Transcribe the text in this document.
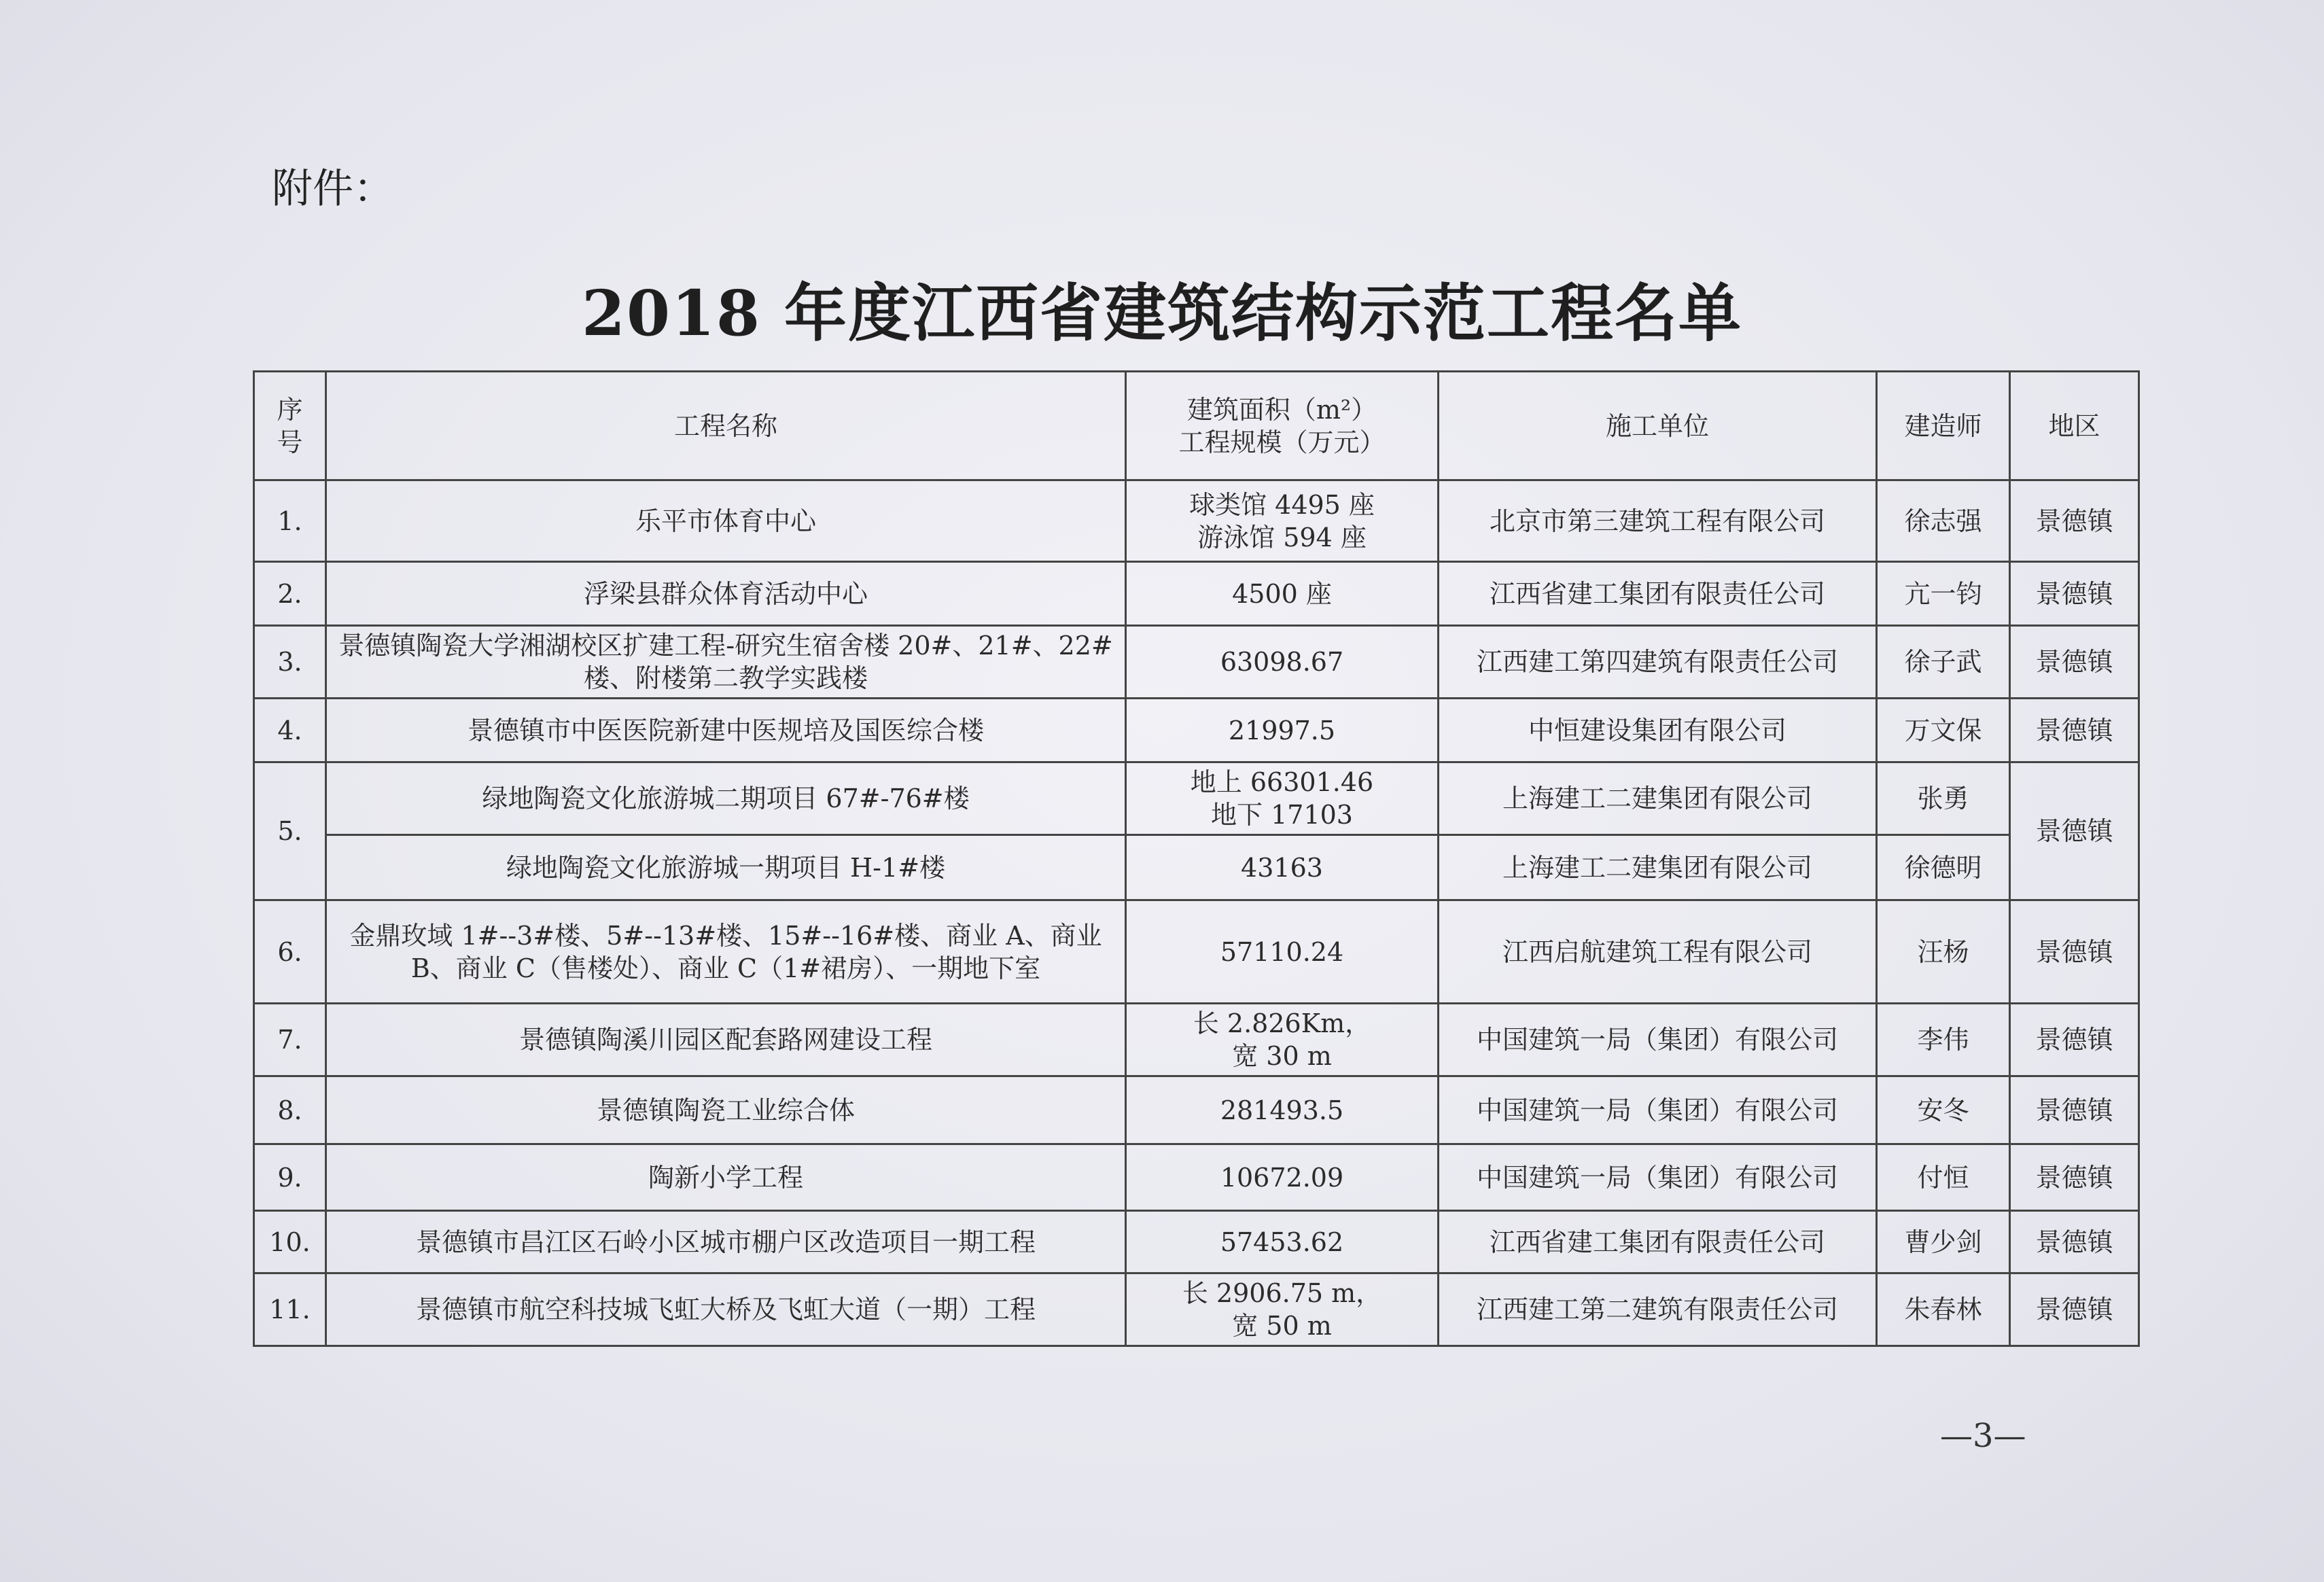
附件：
2018 年度江西省建筑结构示范工程名单
序号	工程名称	建筑面积（m²）
工程规模（万元）	施工单位	建造师	地区
1.	乐平市体育中心	球类馆 4495 座
游泳馆 594 座	北京市第三建筑工程有限公司	徐志强	景德镇
2.	浮梁县群众体育活动中心	4500 座	江西省建工集团有限责任公司	亢一钧	景德镇
3.	景德镇陶瓷大学湘湖校区扩建工程-研究生宿舍楼 20#、21#、22#楼、附楼第二教学实践楼	63098.67	江西建工第四建筑有限责任公司	徐子武	景德镇
4.	景德镇市中医医院新建中医规培及国医综合楼	21997.5	中恒建设集团有限公司	万文保	景德镇
5.	绿地陶瓷文化旅游城二期项目 67#-76#楼	地上 66301.46
地下 17103	上海建工二建集团有限公司	张勇	景德镇
	绿地陶瓷文化旅游城一期项目 H-1#楼	43163	上海建工二建集团有限公司	徐德明	
6.	金鼎玫域 1#--3#楼、5#--13#楼、15#--16#楼、商业 A、商业 B、商业 C（售楼处）、商业 C（1#裙房）、一期地下室	57110.24	江西启航建筑工程有限公司	汪杨	景德镇
7.	景德镇陶溪川园区配套路网建设工程	长 2.826Km，
宽 30 m	中国建筑一局（集团）有限公司	李伟	景德镇
8.	景德镇陶瓷工业综合体	281493.5	中国建筑一局（集团）有限公司	安冬	景德镇
9.	陶新小学工程	10672.09	中国建筑一局（集团）有限公司	付恒	景德镇
10.	景德镇市昌江区石岭小区城市棚户区改造项目一期工程	57453.62	江西省建工集团有限责任公司	曹少剑	景德镇
11.	景德镇市航空科技城飞虹大桥及飞虹大道（一期）工程	长 2906.75 m，
宽 50 m	江西建工第二建筑有限责任公司	朱春林	景德镇
—3—
